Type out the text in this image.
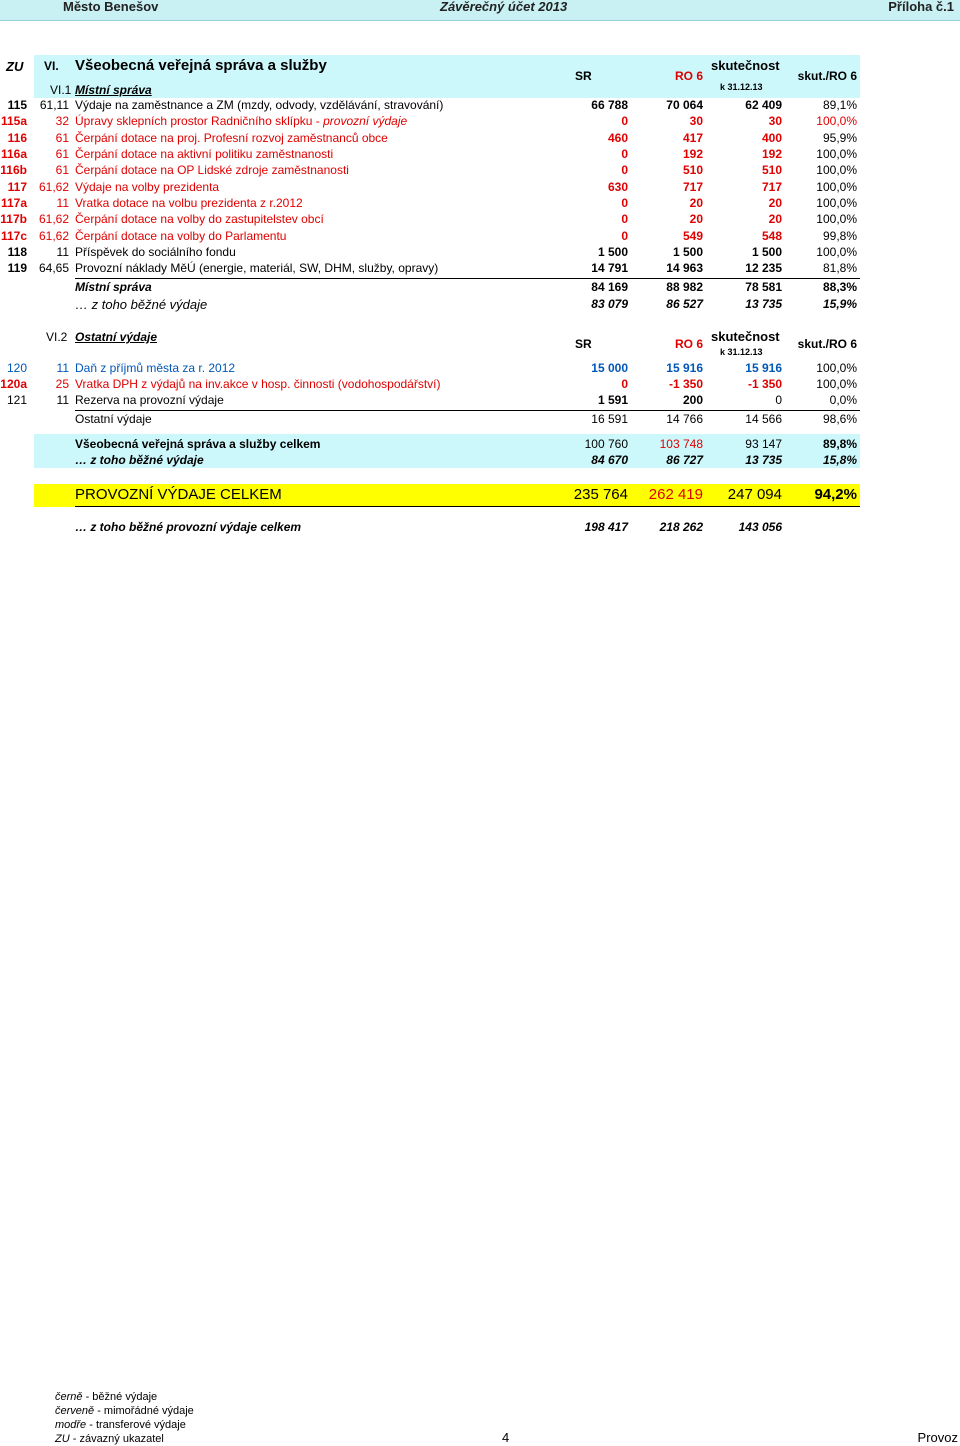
Město Benešov	Závěrečný účet 2013	Příloha č.1
ZU VI. Všeobecná veřejná správa a služby
VI.1 Místní správa
SR	RO 6
skutečnost
k 31.12.13
skut./RO 6
115	61,11 Výdaje na zaměstnance a ZM (mzdy, odvody, vzdělávání, stravování)	66 788	70 064	62 409	89,1%
115a	32 Úpravy sklepních prostor Radničního sklípku - provozní výdaje	0	30	30	100,0%
116	61 Čerpání dotace na proj. Profesní rozvoj zaměstnanců obce	460	417	400	95,9%
116a	61 Čerpání dotace na aktivní politiku zaměstnanosti	0	192	192	100,0%
116b	61 Čerpání dotace na OP Lidské zdroje zaměstnanosti	0	510	510	100,0%
117 61,62 Výdaje na volby prezidenta	630	717	717	100,0%
117a	11 Vratka dotace na volbu prezidenta z r.2012	0	20	20	100,0%
117b 61,62 Čerpání dotace na volby do zastupitelstev obcí	0	20	20	100,0%
117c 61,62 Čerpání dotace na volby do Parlamentu	0	549	548	99,8%
118	11 Příspěvek do sociálního fondu	1 500	1 500	1 500	100,0%
119 64,65 Provozní náklady MěÚ (energie, materiál, SW, DHM, služby, opravy)	14 791	14 963	12 235	81,8%
Místní správa	84 169	88 982	78 581	88,3%
… z toho běžné výdaje	83 079	86 527	13 735	15,9%
VI.2 Ostatní výdaje	SR	RO 6 skutečnost
k 31.12.13
skut./RO 6
120	11 Daň z příjmů města za r. 2012	15 000	15 916	15 916	100,0%
120a	25 Vratka DPH z výdajů na inv.akce v hosp. činnosti (vodohospodářství)	0	-1 350	-1 350	100,0%
121	11 Rezerva na provozní výdaje	1 591	200	0	0,0%
Ostatní výdaje	16 591	14 766	14 566	98,6%
Všeobecná veřejná správa a služby celkem	100 760	103 748	93 147	89,8%
… z toho běžné výdaje	84 670	86 727	13 735	15,8%
PROVOZNÍ VÝDAJE CELKEM	235 764	262 419	247 094	94,2%
… z toho běžné provozní výdaje celkem	198 417	218 262	143 056
černě - běžné výdaje
červeně - mimořádné výdaje
modře - transferové výdaje
ZU - závazný ukazatel	4	Provoz
